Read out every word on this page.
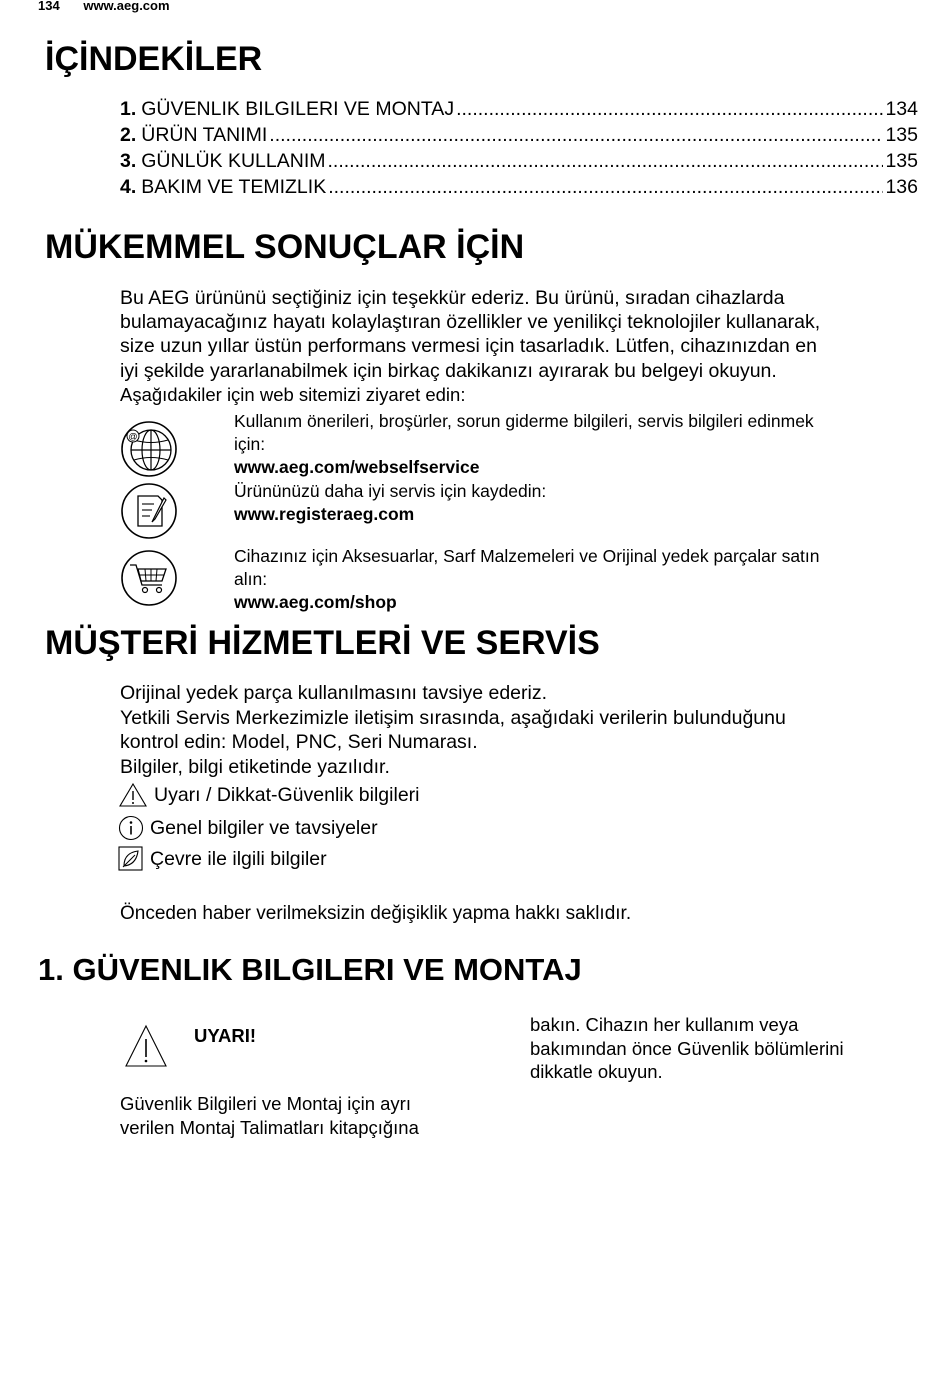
134 www.aeg.com
İÇİNDEKİLER
1. GÜVENLIK BILGILERI VE MONTAJ .....	134
2. ÜRÜN TANIMI .....	135
3. GÜNLÜK KULLANIM .....	135
4. BAKIM VE TEMIZLIK .....	136
MÜKEMMEL SONUÇLAR İÇİN
Bu AEG ürününü seçtiğiniz için teşekkür ederiz. Bu ürünü, sıradan cihazlarda
bulamayacağınız hayatı kolaylaştıran özellikler ve yenilikçi teknolojiler kullanarak,
size uzun yıllar üstün performans vermesi için tasarladık. Lütfen, cihazınızdan en
iyi şekilde yararlanabilmek için birkaç dakikanızı ayırarak bu belgeyi okuyun.
Aşağıdakiler için web sitemizi ziyaret edin:
@
Kullanım önerileri, broşürler, sorun giderme bilgileri, servis bilgileri edinmek
için:
www.aeg.com/webselfservice
Ürününüzü daha iyi servis için kaydedin:
www.registeraeg.com
Cihazınız için Aksesuarlar, Sarf Malzemeleri ve Orijinal yedek parçalar satın
alın:
www.aeg.com/shop
MÜŞTERİ HİZMETLERİ VE SERVİS
Orijinal yedek parça kullanılmasını tavsiye ederiz.
Yetkili Servis Merkezimizle iletişim sırasında, aşağıdaki verilerin bulunduğunu
kontrol edin: Model, PNC, Seri Numarası.
Bilgiler, bilgi etiketinde yazılıdır.
Uyarı / Dikkat-Güvenlik bilgileri
Genel bilgiler ve tavsiyeler
Çevre ile ilgili bilgiler
Önceden haber verilmeksizin değişiklik yapma hakkı saklıdır.
1. GÜVENLIK BILGILERI VE MONTAJ
UYARI!
Güvenlik Bilgileri ve Montaj için ayrı
verilen Montaj Talimatları kitapçığına
bakın. Cihazın her kullanım veya
bakımından önce Güvenlik bölümlerini
dikkatle okuyun.
